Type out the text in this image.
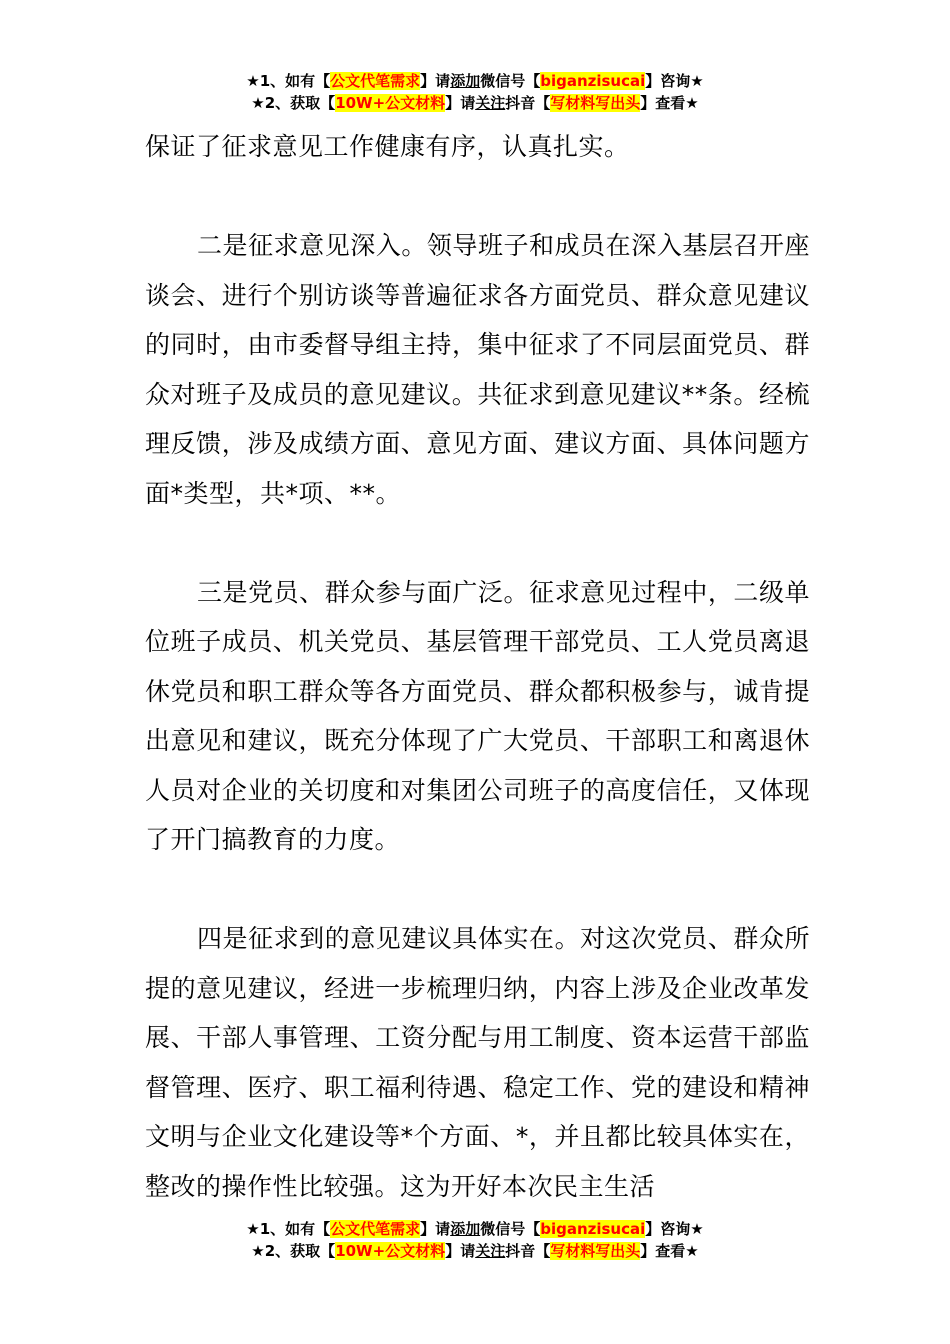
★1、如有【公文代笔需求】请添加微信号【biganzisucai】咨询★
★2、获取【10W+公文材料】请关注抖音【写材料写出头】查看★

保证了征求意见工作健康有序，认真扎实。

二是征求意见深入。领导班子和成员在深入基层召开座谈会、进行个别访谈等普遍征求各方面党员、群众意见建议的同时，由市委督导组主持，集中征求了不同层面党员、群众对班子及成员的意见建议。共征求到意见建议**条。经梳理反馈，涉及成绩方面、意见方面、建议方面、具体问题方面*类型，共*项、**。

三是党员、群众参与面广泛。征求意见过程中，二级单位班子成员、机关党员、基层管理干部党员、工人党员离退休党员和职工群众等各方面党员、群众都积极参与，诚肯提出意见和建议，既充分体现了广大党员、干部职工和离退休人员对企业的关切度和对集团公司班子的高度信任，又体现了开门搞教育的力度。

四是征求到的意见建议具体实在。对这次党员、群众所提的意见建议，经进一步梳理归纳，内容上涉及企业改革发展、干部人事管理、工资分配与用工制度、资本运营干部监督管理、医疗、职工福利待遇、稳定工作、党的建设和精神文明与企业文化建设等*个方面、*，并且都比较具体实在，整改的操作性比较强。这为开好本次民主生活

★1、如有【公文代笔需求】请添加微信号【biganzisucai】咨询★
★2、获取【10W+公文材料】请关注抖音【写材料写出头】查看★
